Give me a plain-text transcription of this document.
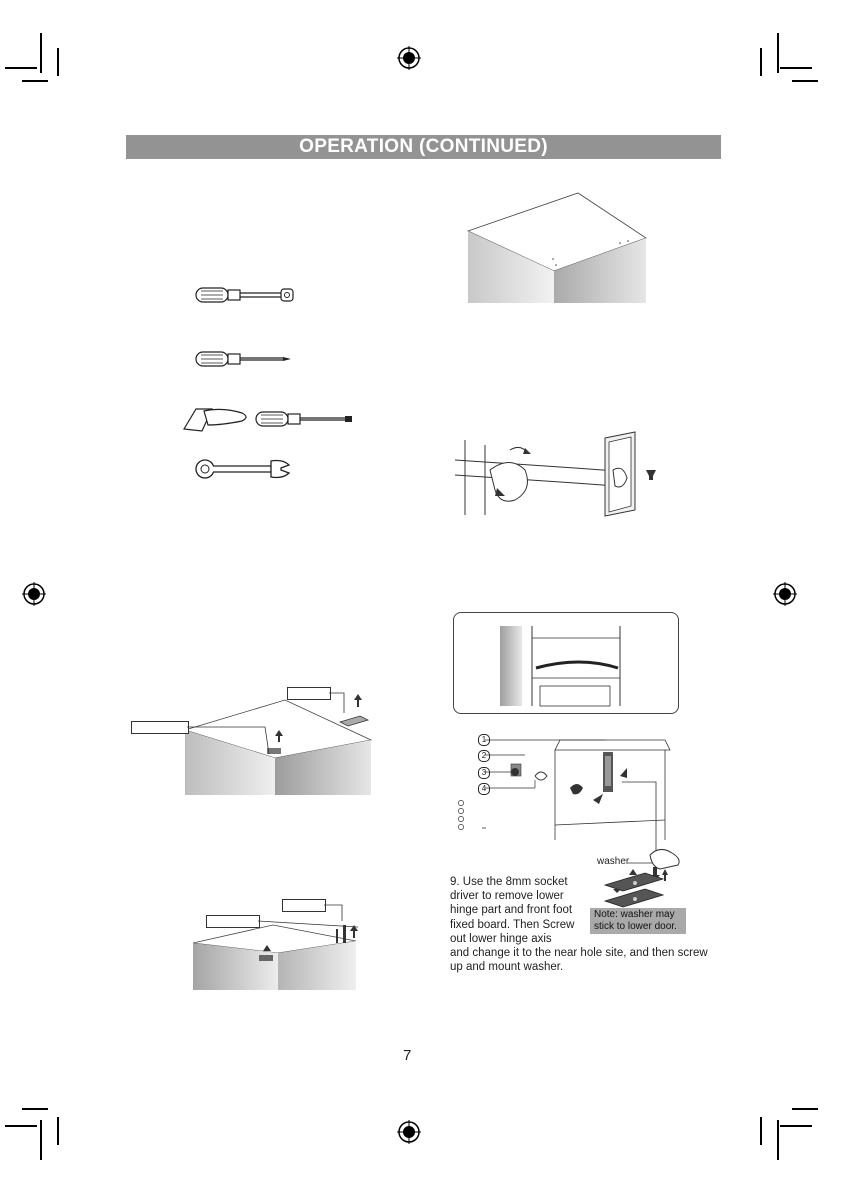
OPERATION (CONTINUED)
1
2
3
4
washer
Note: washer may
stick to lower door.
9. Use the 8mm socket
driver to remove lower
hinge part and front foot
fixed board. Then Screw
out lower hinge axis
and change it to the near hole site, and then screw
up and mount washer.
7
